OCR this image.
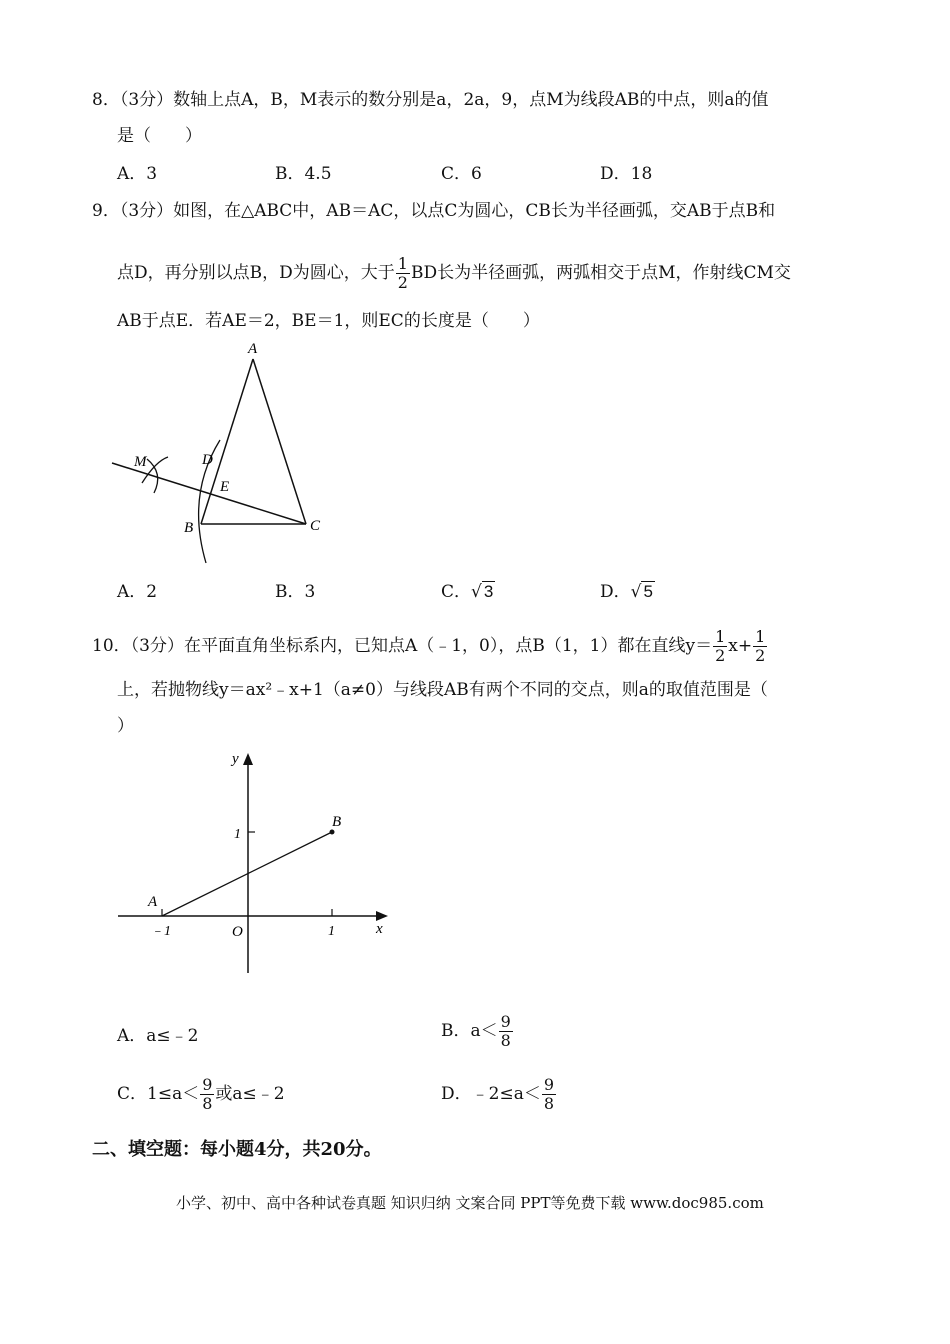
8．（3分）数轴上点A，B，M表示的数分别是a，2a，9，点M为线段AB的中点，则a的值
是（　　）
A．3	B．4.5	C．6	D．18
9．（3分）如图，在△ABC中，AB＝AC，以点C为圆心，CB长为半径画弧，交AB于点B和
点D，再分别以点B，D为圆心，大于 $\frac{1}{2}$ BD长为半径画弧，两弧相交于点M，作射线CM交
AB于点E．若AE＝2，BE＝1，则EC的长度是（　　）
A
B	C
D
E
M
A．2	B．3	C．√ 3	D．√ 5
10．（3分）在平面直角坐标系内，已知点A（﹣1，0），点B（1，1）都在直线$y= \frac{1}{2} x+ \frac{1}{2}$
上，若抛物线y＝ax²﹣x+1（a≠0）与线段AB有两个不同的交点，则a的取值范围是（
）
y
x
O
A
B
1
1
﹣1
A．a≤﹣2	B．$a< \frac{9}{8}$
C．$1\le a< \frac{9}{8}$ 或a≤﹣2	D．﹣2≤a＜ $\frac{9}{8}$
二、填空题：每小题4分，共20分。
小学、初中、高中各种试卷真题 知识归纳 文案合同 PPT等免费下载 www.doc985.com
